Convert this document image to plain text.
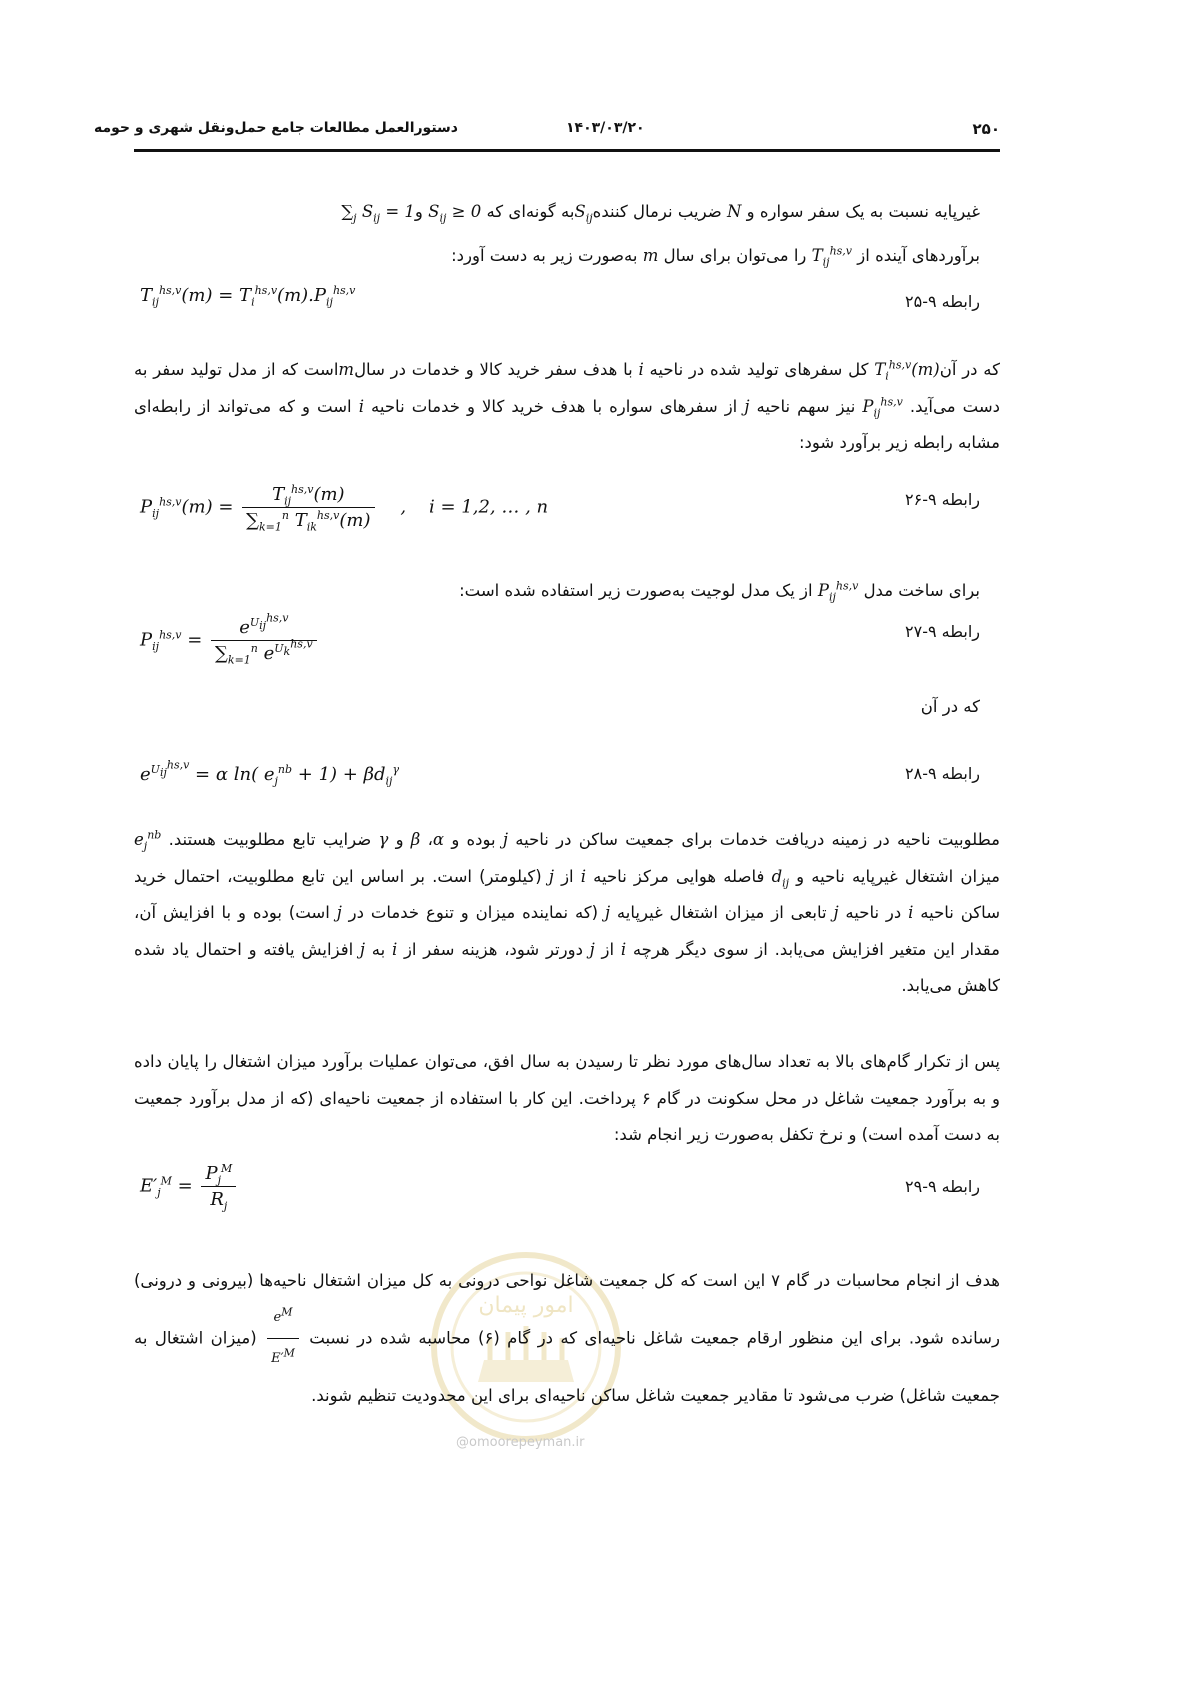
دستورالعمل مطالعات جامع حمل‌ونقل شهری و حومه	۱۴۰۳/۰۳/۲۰	۲۵۰
غیرپایه نسبت به یک سفر سواره و N ضریب نرمال کنندهS$_{ij}$به گونه‌ای که $S_{ij} \ge 0$ $و\sum_j$ $S_{ij} = 1$
برآوردهای آینده از $T_{ij}^{hs,v}$ را می‌توان برای سال m به‌صورت زیر به دست آورد:
$T_{ij}^{hs,v}(m) = T_i^{hs,v}(m).P_{ij}^{hs,v}$
رابطه ۹-۲۵
که در آنT$_i^{hs,v}$(m) کل سفرهای تولید شده در ناحیه i با هدف سفر خرید کالا و خدمات در سالmاست که از مدل تولید سفر به دست می‌آید. $P_{ij}^{hs,v}$ نیز سهم ناحیه j از سفرهای سواره با هدف خرید کالا و خدمات ناحیه i است و که می‌تواند از رابطه‌ای مشابه رابطه زیر برآورد شود:
$P_{ij}^{hs,v}(m) = \frac{T_{ij}^{hs,v}(m)}{\sum_{k=1}^n T_{ik}^{hs,v}(m)}$ ,    i = 1,2, … , n	رابطه ۹-۲۶
برای ساخت مدل $P_{ij}^{hs,v}$ از یک مدل لوجیت به‌صورت زیر استفاده شده است:
$P_{ij}^{hs,v} = \frac{e^{U_{ij}^{hs,v}}}{\sum_{k=1}^n e^{U_k^{hs,v}}}$	رابطه ۹-۲۷
که در آن
$e^{U_{ij}^{hs,v}} = \alpha$ ln( $e_j^{nb} + 1) + \beta d_{ij}^\gamma$	رابطه ۹-۲۸
مطلوبیت ناحیه در زمینه دریافت خدمات برای جمعیت ساکن در ناحیه j بوده و α، β و γ ضرایب تابع مطلوبیت هستند. $e_j^{nb}$ میزان اشتغال غیرپایه ناحیه و $d_{ij}$ فاصله هوایی مرکز ناحیه i از j (کیلومتر) است. بر اساس این تابع مطلوبیت، احتمال خرید ساکن ناحیه i در ناحیه j تابعی از میزان اشتغال غیرپایه j (که نماینده میزان و تنوع خدمات در j است) بوده و با افزایش آن، مقدار این متغیر افزایش می‌یابد. از سوی دیگر هرچه i از j دورتر شود، هزینه سفر از i به j افزایش یافته و احتمال یاد شده کاهش می‌یابد.
پس از تکرار گام‌های بالا به تعداد سال‌های مورد نظر تا رسیدن به سال افق، می‌توان عملیات برآورد میزان اشتغال را پایان داده و به برآورد جمعیت شاغل در محل سکونت در گام ۶ پرداخت. این کار با استفاده از جمعیت ناحیه‌ای (که از مدل برآورد جمعیت به دست آمده است) و نرخ تکفل به‌صورت زیر انجام شد:
$E'_j^M = \frac{P_j^M}{R_j}$	رابطه ۹-۲۹
امور پیمان
@omoorepeyman.ir
هدف از انجام محاسبات در گام ۷ این است که کل جمعیت شاغل نواحی درونی به کل میزان اشتغال ناحیه‌ها (بیرونی و درونی) رسانده شود. برای این منظور ارقام جمعیت شاغل ناحیه‌ای که در گام (۶) محاسبه شده در نسبت
$\frac{e^M}{E'^M}$
(میزان اشتغال به جمعیت شاغل) ضرب می‌شود تا مقادیر جمعیت شاغل ساکن ناحیه‌ای برای این محدودیت تنظیم شوند.
